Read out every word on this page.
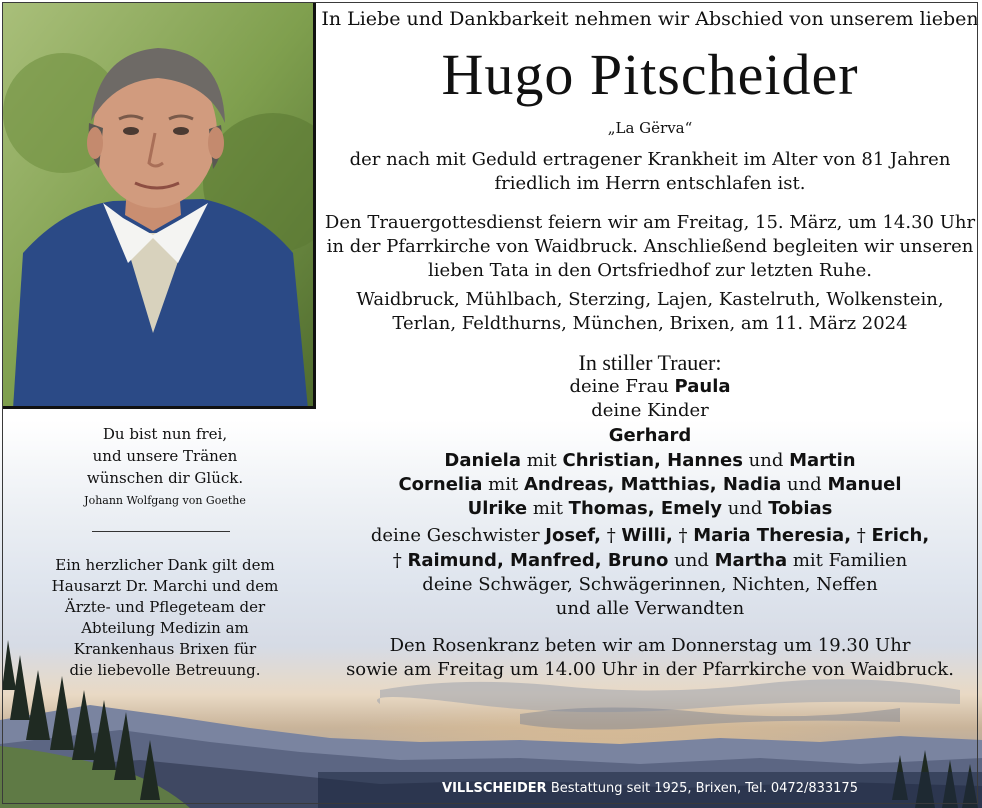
In Liebe und Dankbarkeit nehmen wir Abschied von unserem lieben
Hugo Pitscheider
„La Gërva“
der nach mit Geduld ertragener Krankheit im Alter von 81 Jahren
friedlich im Herrn entschlafen ist.
Den Trauergottesdienst feiern wir am Freitag, 15. März, um 14.30 Uhr
in der Pfarrkirche von Waidbruck. Anschließend begleiten wir unseren
lieben Tata in den Ortsfriedhof zur letzten Ruhe.
Waidbruck, Mühlbach, Sterzing, Lajen, Kastelruth, Wolkenstein,
Terlan, Feldthurns, München, Brixen, am 11. März 2024
In stiller Trauer:
deine Frau Paula
deine Kinder
Gerhard
Daniela mit Christian, Hannes und Martin
Cornelia mit Andreas, Matthias, Nadia und Manuel
Ulrike mit Thomas, Emely und Tobias
deine Geschwister Josef, † Willi, † Maria Theresia, † Erich,
† Raimund, Manfred, Bruno und Martha mit Familien
deine Schwäger, Schwägerinnen, Nichten, Neffen
und alle Verwandten
Den Rosenkranz beten wir am Donnerstag um 19.30 Uhr
sowie am Freitag um 14.00 Uhr in der Pfarrkirche von Waidbruck.
Du bist nun frei,
und unsere Tränen
wünschen dir Glück.
Johann Wolfgang von Goethe
Ein herzlicher Dank gilt dem
Hausarzt Dr. Marchi und dem
Ärzte- und Pflegeteam der
Abteilung Medizin am
Krankenhaus Brixen für
die liebevolle Betreuung.
VILLSCHEIDER Bestattung seit 1925, Brixen, Tel. 0472/833175
